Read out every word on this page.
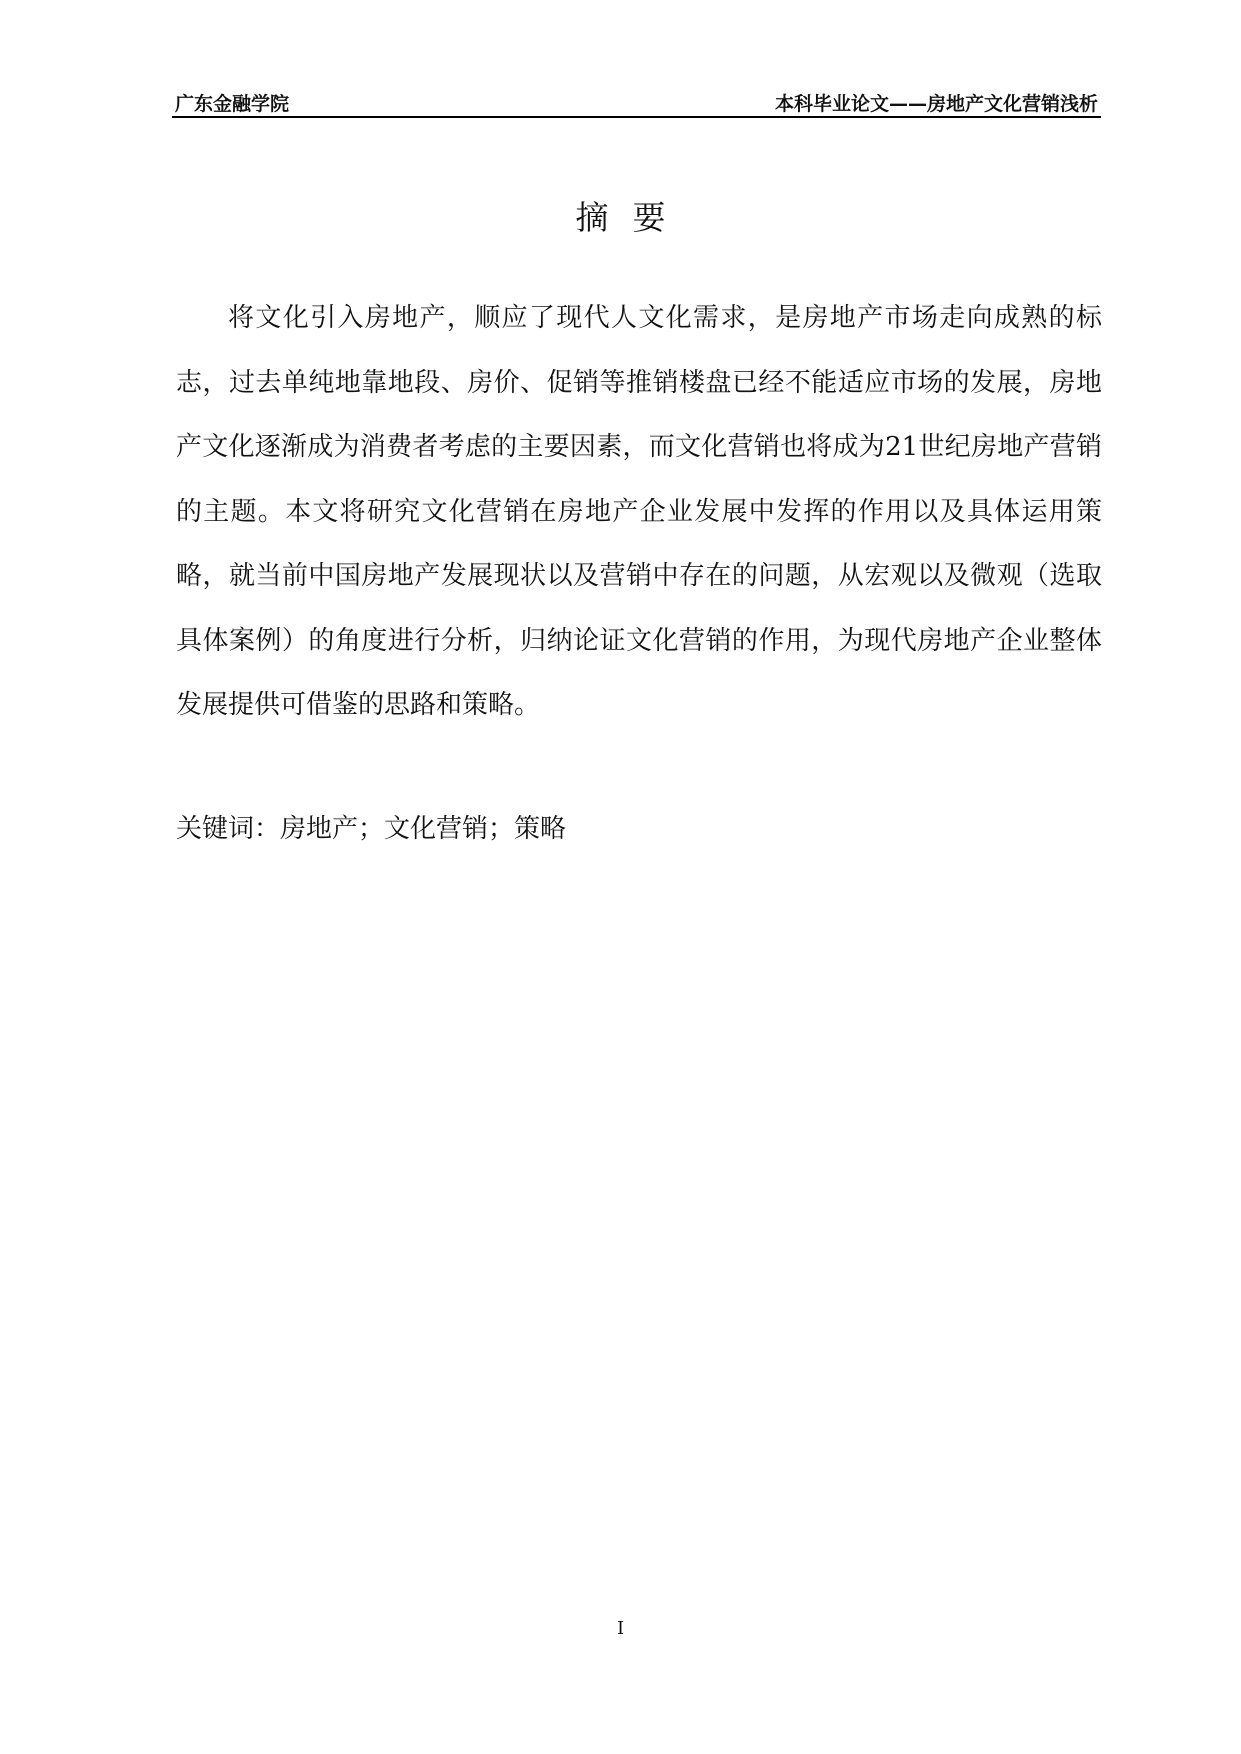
广东金融学院	本科毕业论文——房地产文化营销浅析
摘要

将文化引入房地产，顺应了现代人文化需求，是房地产市场走向成熟的标志，过去单纯地靠地段、房价、促销等推销楼盘已经不能适应市场的发展，房地产文化逐渐成为消费者考虑的主要因素，而文化营销也将成为21世纪房地产营销的主题。本文将研究文化营销在房地产企业发展中发挥的作用以及具体运用策略，就当前中国房地产发展现状以及营销中存在的问题，从宏观以及微观（选取具体案例）的角度进行分析，归纳论证文化营销的作用，为现代房地产企业整体发展提供可借鉴的思路和策略。

关键词：房地产；文化营销；策略
I
